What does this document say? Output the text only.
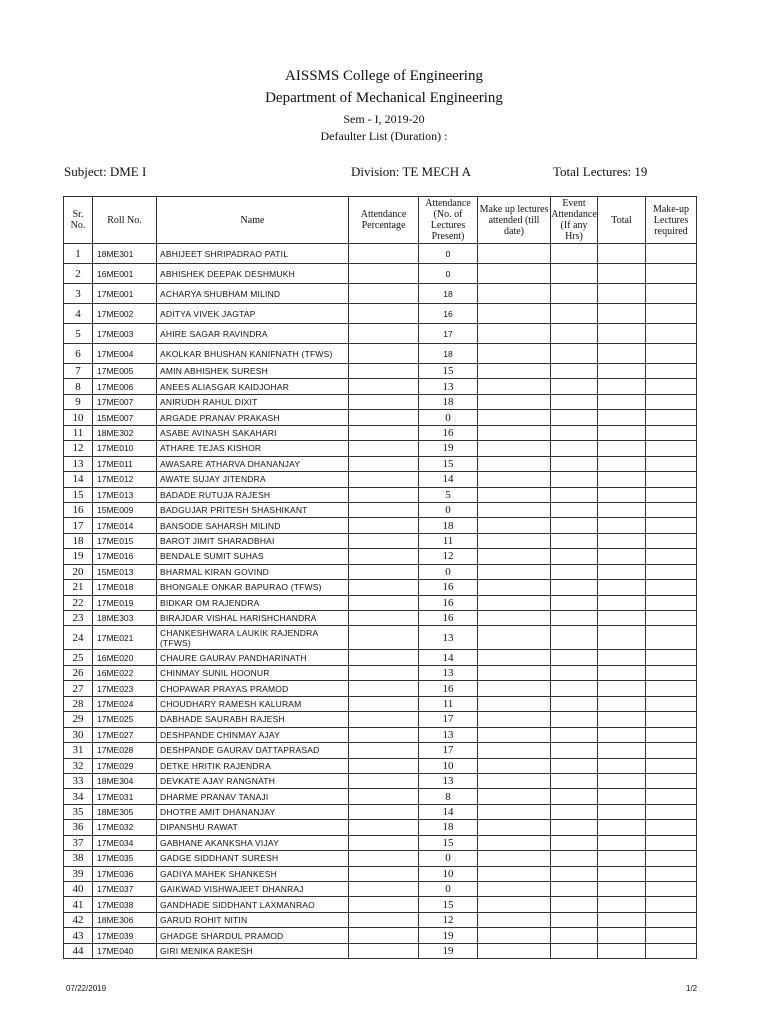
AISSMS College of Engineering
Department of Mechanical Engineering
Sem - I, 2019-20
Defaulter List (Duration) :
Subject: DME I	Division: TE MECH A	Total Lectures: 19
Sr. No.	Roll No.	Name	Attendance Percentage	Attendance (No. of Lectures Present)	Make up lectures attended (till date)	Event Attendance (If any Hrs)	Total	Make-up Lectures required
1	18ME301	ABHIJEET SHRIPADRAO PATIL		0				
2	16ME001	ABHISHEK DEEPAK DESHMUKH		0				
3	17ME001	ACHARYA SHUBHAM MILIND		18				
4	17ME002	ADITYA VIVEK JAGTAP		16				
5	17ME003	AHIRE SAGAR RAVINDRA		17				
6	17ME004	AKOLKAR BHUSHAN KANIFNATH (TFWS)		18				
7	17ME005	AMIN ABHISHEK SURESH		15				
8	17ME006	ANEES ALIASGAR KAIDJOHAR		13				
9	17ME007	ANIRUDH RAHUL DIXIT		18				
10	15ME007	ARGADE PRANAV PRAKASH		0				
11	18ME302	ASABE AVINASH SAKAHARI		16				
12	17ME010	ATHARE TEJAS KISHOR		19				
13	17ME011	AWASARE ATHARVA DHANANJAY		15				
14	17ME012	AWATE SUJAY JITENDRA		14				
15	17ME013	BADADE RUTUJA RAJESH		5				
16	15ME009	BADGUJAR PRITESH SHASHIKANT		0				
17	17ME014	BANSODE SAHARSH MILIND		18				
18	17ME015	BAROT JIMIT SHARADBHAI		11				
19	17ME016	BENDALE SUMIT SUHAS		12				
20	15ME013	BHARMAL KIRAN GOVIND		0				
21	17ME018	BHONGALE ONKAR BAPURAO (TFWS)		16				
22	17ME019	BIDKAR OM RAJENDRA		16				
23	18ME303	BIRAJDAR VISHAL HARISHCHANDRA		16				
24	17ME021	CHANKESHWARA LAUKIK RAJENDRA (TFWS)		13				
25	16ME020	CHAURE GAURAV PANDHARINATH		14				
26	16ME022	CHINMAY SUNIL HOONUR		13				
27	17ME023	CHOPAWAR PRAYAS PRAMOD		16				
28	17ME024	CHOUDHARY RAMESH KALURAM		11				
29	17ME025	DABHADE SAURABH RAJESH		17				
30	17ME027	DESHPANDE CHINMAY AJAY		13				
31	17ME028	DESHPANDE GAURAV DATTAPRASAD		17				
32	17ME029	DETKE HRITIK RAJENDRA		10				
33	18ME304	DEVKATE AJAY RANGNATH		13				
34	17ME031	DHARME PRANAV TANAJI		8				
35	18ME305	DHOTRE AMIT DHANANJAY		14				
36	17ME032	DIPANSHU RAWAT		18				
37	17ME034	GABHANE AKANKSHA VIJAY		15				
38	17ME035	GADGE SIDDHANT SURESH		0				
39	17ME036	GADIYA MAHEK SHANKESH		10				
40	17ME037	GAIKWAD VISHWAJEET DHANRAJ		0				
41	17ME038	GANDHADE SIDDHANT LAXMANRAO		15				
42	18ME306	GARUD ROHIT NITIN		12				
43	17ME039	GHADGE SHARDUL PRAMOD		19				
44	17ME040	GIRI MENIKA RAKESH		19				
07/22/2019	1/2
